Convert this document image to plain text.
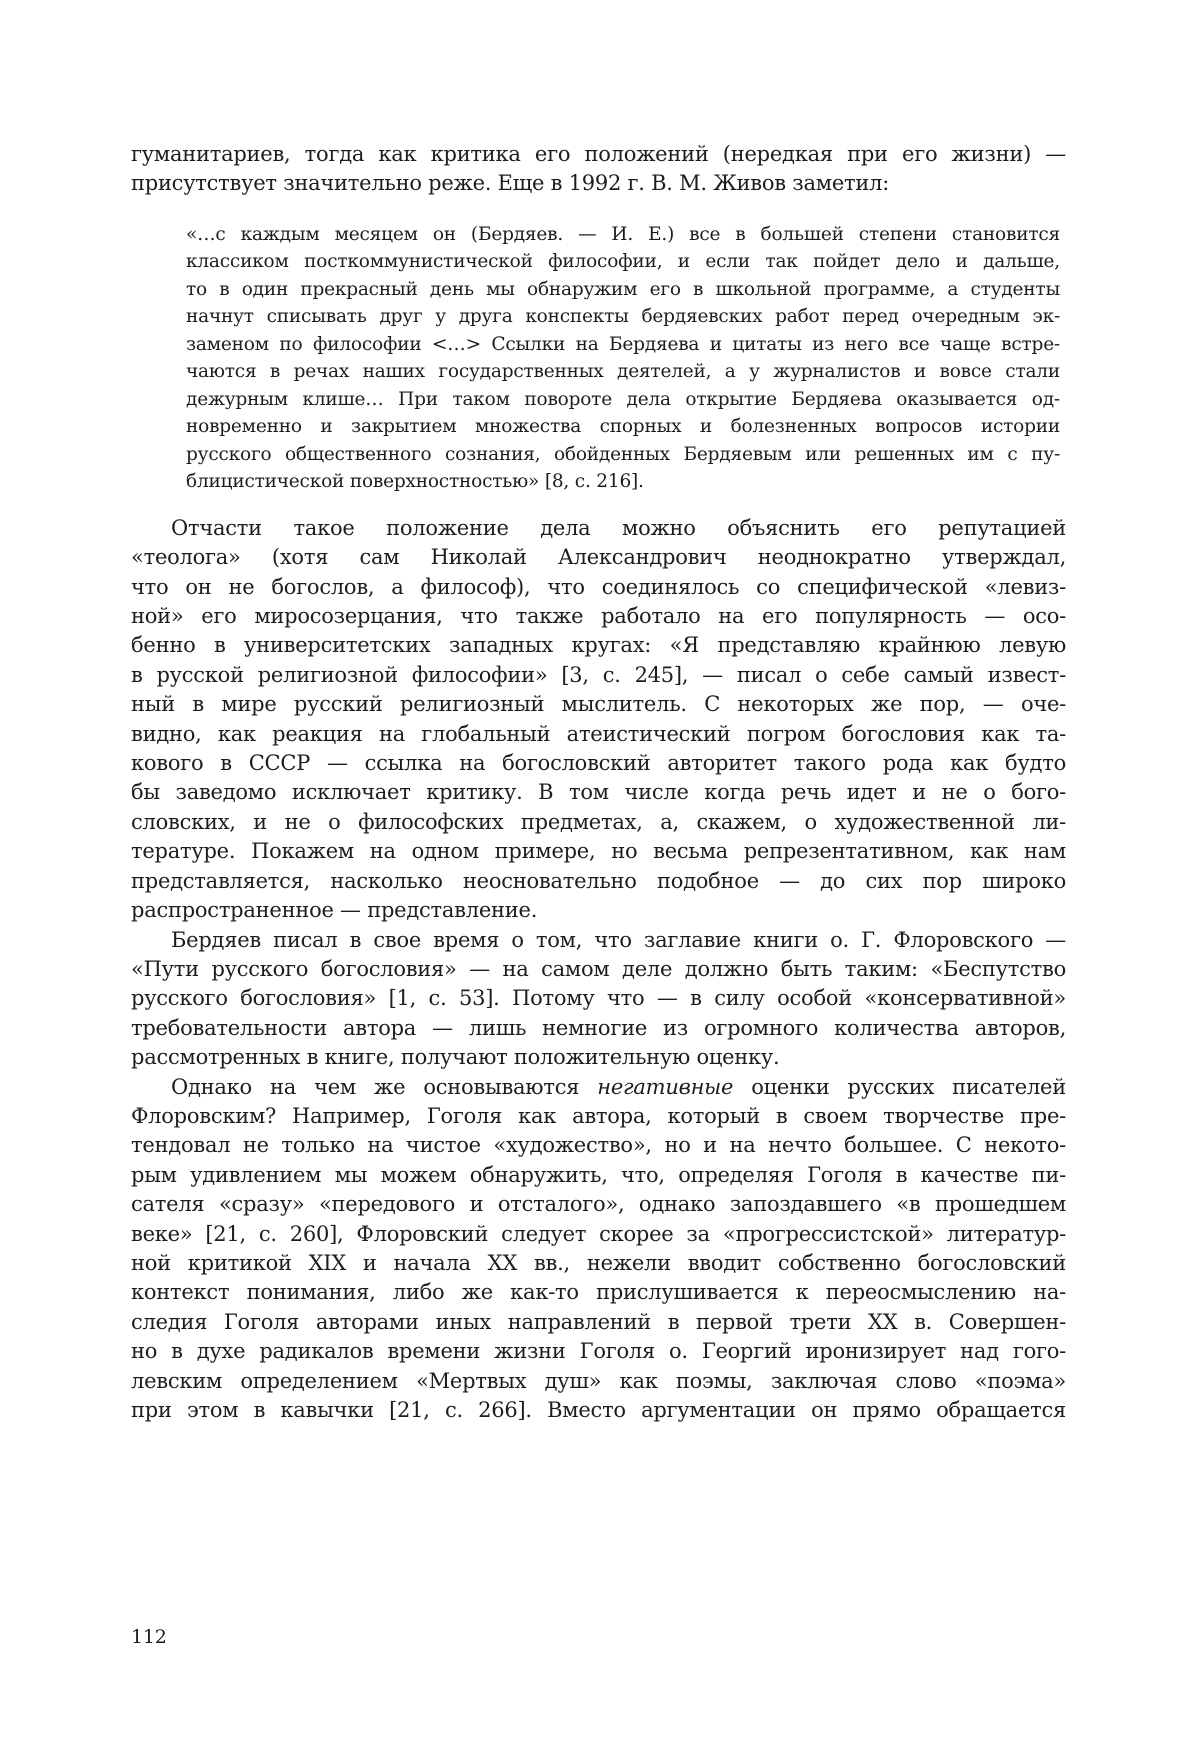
гуманитариев, тогда как критика его положений (нередкая при его жизни) —
присутствует значительно реже. Еще в 1992 г. В. М. Живов заметил:
«…с каждым месяцем он (Бердяев. — И. Е.) все в большей степени становится
классиком посткоммунистической философии, и если так пойдет дело и дальше,
то в один прекрасный день мы обнаружим его в школьной программе, а студенты
начнут списывать друг у друга конспекты бердяевских работ перед очередным эк-
заменом по философии <…> Ссылки на Бердяева и цитаты из него все чаще встре-
чаются в речах наших государственных деятелей, а у журналистов и вовсе стали
дежурным клише… При таком повороте дела открытие Бердяева оказывается од-
новременно и закрытием множества спорных и болезненных вопросов истории
русского общественного сознания, обойденных Бердяевым или решенных им с пу-
блицистической поверхностностью» [8, с. 216].
Отчасти такое положение дела можно объяснить его репутацией
«теолога» (хотя сам Николай Александрович неоднократно утверждал,
что он не богослов, а философ), что соединялось со специфической «левиз-
ной» его миросозерцания, что также работало на его популярность — осо-
бенно в университетских западных кругах: «Я представляю крайнюю левую
в русской религиозной философии» [3, с. 245], — писал о себе самый извест-
ный в мире русский религиозный мыслитель. С некоторых же пор, — оче-
видно, как реакция на глобальный атеистический погром богословия как та-
кового в СССР — ссылка на богословский авторитет такого рода как будто
бы заведомо исключает критику. В том числе когда речь идет и не о бого-
словских, и не о философских предметах, а, скажем, о художественной ли-
тературе. Покажем на одном примере, но весьма репрезентативном, как нам
представляется, насколько неосновательно подобное — до сих пор широко
распространенное — представление.
Бердяев писал в свое время о том, что заглавие книги о. Г. Флоровского —
«Пути русского богословия» — на самом деле должно быть таким: «Беспутство
русского богословия» [1, с. 53]. Потому что — в силу особой «консервативной»
требовательности автора — лишь немногие из огромного количества авторов,
рассмотренных в книге, получают положительную оценку.
Однако на чем же основываются негативные оценки русских писателей
Флоровским? Например, Гоголя как автора, который в своем творчестве пре-
тендовал не только на чистое «художество», но и на нечто большее. С некото-
рым удивлением мы можем обнаружить, что, определяя Гоголя в качестве пи-
сателя «сразу» «передового и отсталого», однако запоздавшего «в прошедшем
веке» [21, с. 260], Флоровский следует скорее за «прогрессистской» литератур-
ной критикой XIX и начала XX вв., нежели вводит собственно богословский
контекст понимания, либо же как-то прислушивается к переосмыслению на-
следия Гоголя авторами иных направлений в первой трети XX в. Совершен-
но в духе радикалов времени жизни Гоголя о. Георгий иронизирует над гого-
левским определением «Мертвых душ» как поэмы, заключая слово «поэма»
при этом в кавычки [21, с. 266]. Вместо аргументации он прямо обращается
112
